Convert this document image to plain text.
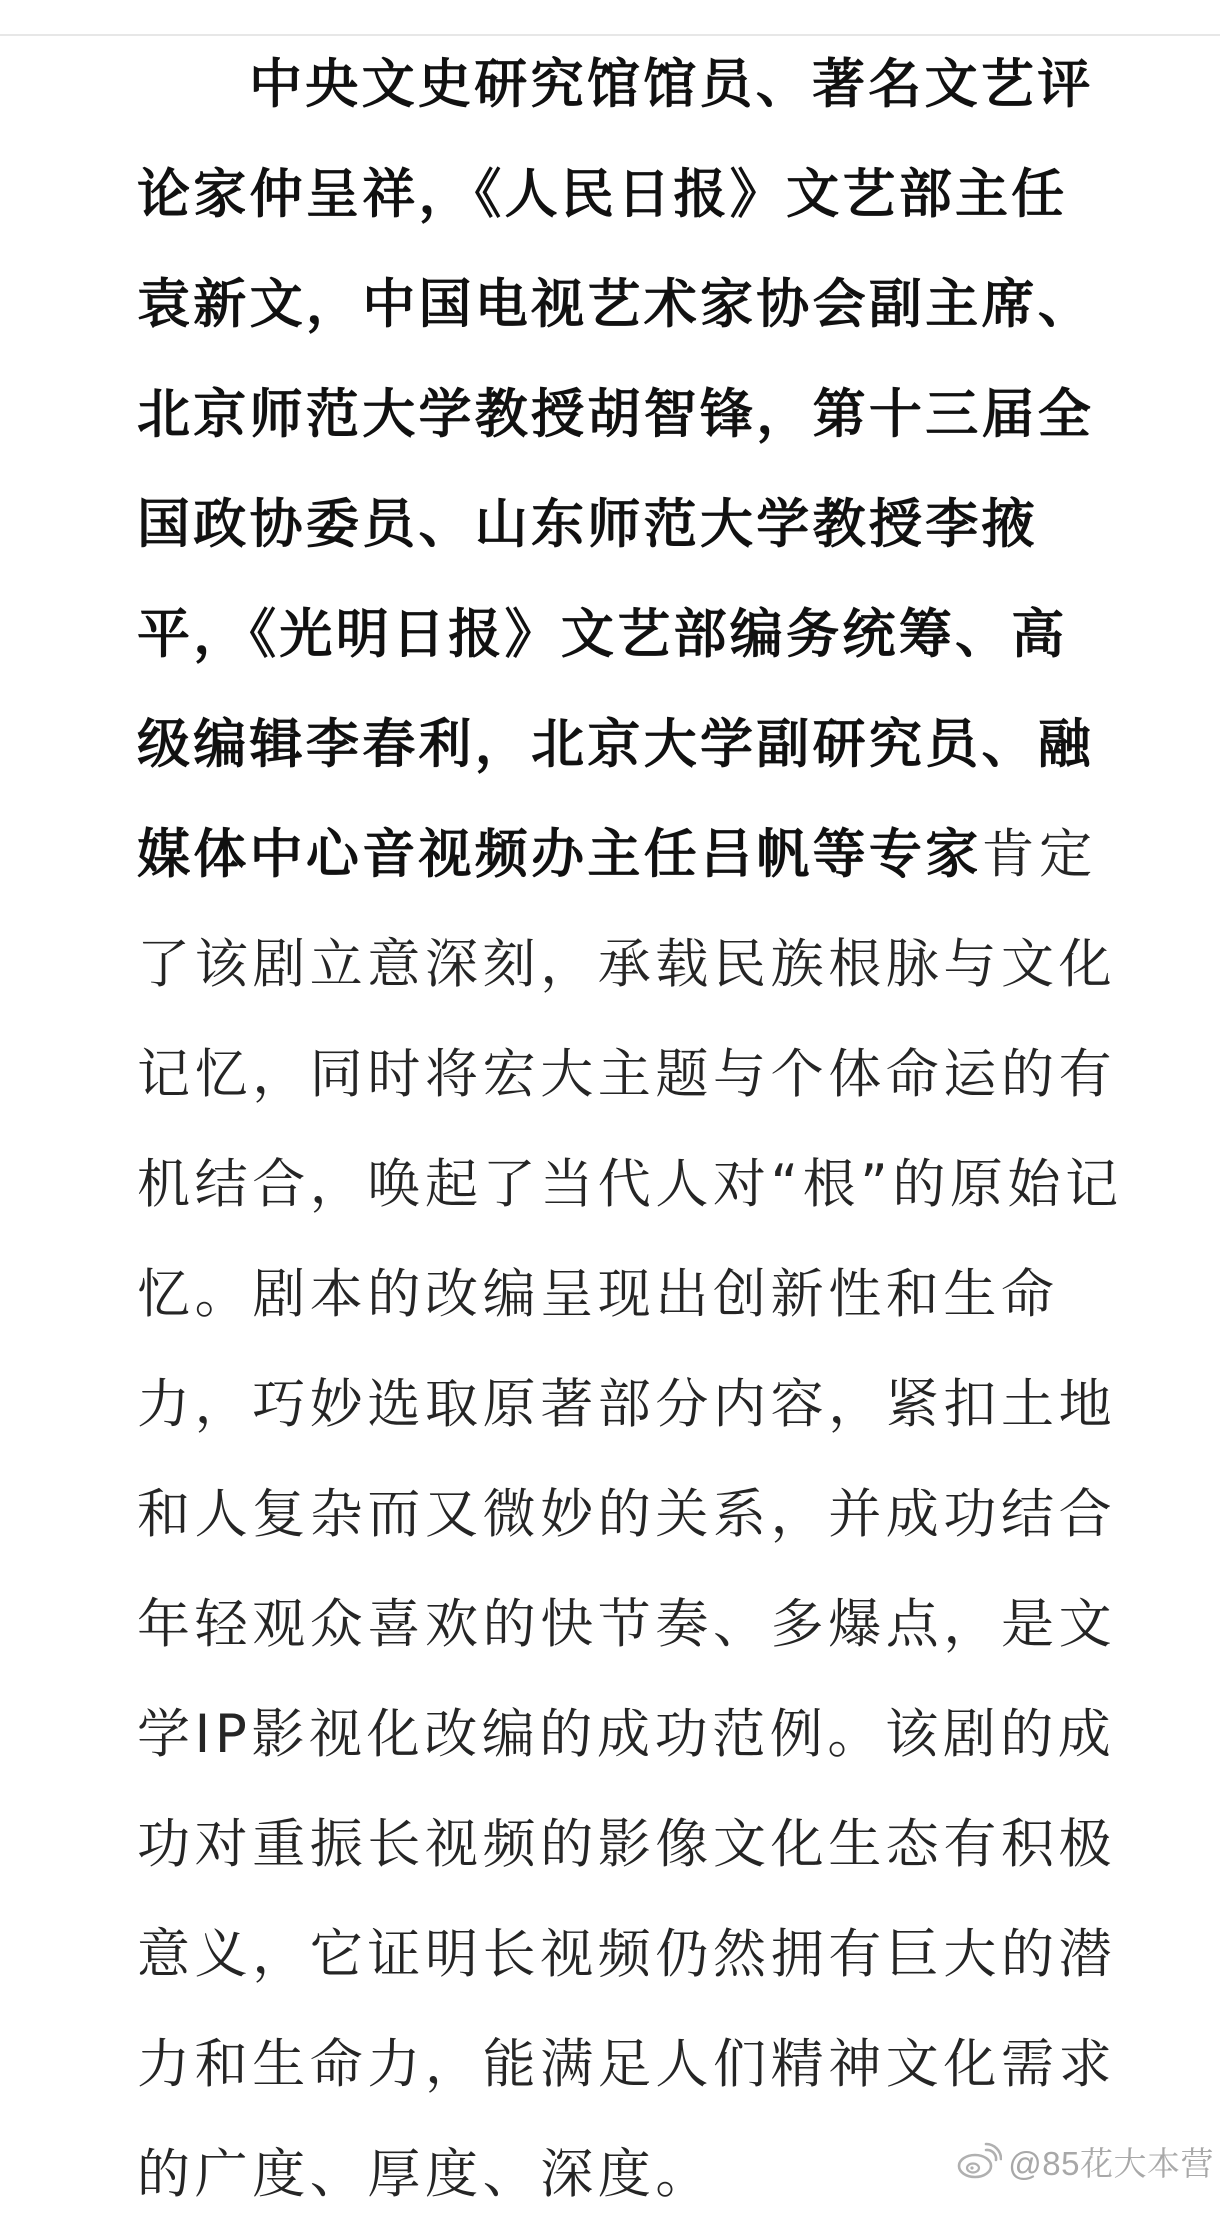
中央文史研究馆馆员、著名文艺评
论家仲呈祥，《人民日报》文艺部主任
袁新文，中国电视艺术家协会副主席、
北京师范大学教授胡智锋，第十三届全
国政协委员、山东师范大学教授李掖
平，《光明日报》文艺部编务统筹、高
级编辑李春利，北京大学副研究员、融
媒体中心音视频办主任吕帆等专家肯定
了该剧立意深刻，承载民族根脉与文化
记忆，同时将宏大主题与个体命运的有
机结合，唤起了当代人对“根”的原始记
忆。剧本的改编呈现出创新性和生命
力，巧妙选取原著部分内容，紧扣土地
和人复杂而又微妙的关系，并成功结合
年轻观众喜欢的快节奏、多爆点，是文
学IP影视化改编的成功范例。该剧的成
功对重振长视频的影像文化生态有积极
意义，它证明长视频仍然拥有巨大的潜
力和生命力，能满足人们精神文化需求
的广度、厚度、深度。	@85花大本营
